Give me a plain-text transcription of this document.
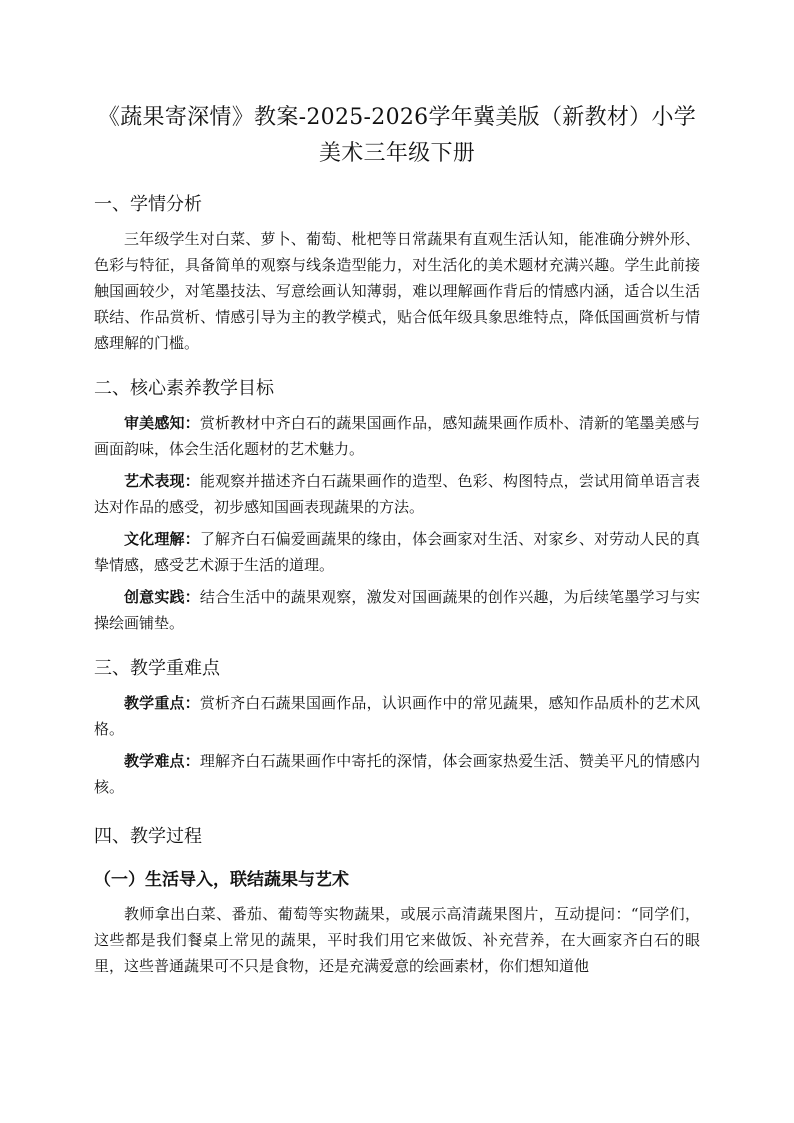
《蔬果寄深情》教案-2025-2026学年冀美版（新教材）小学美术三年级下册
一、学情分析

三年级学生对白菜、萝卜、葡萄、枇杷等日常蔬果有直观生活认知，能准确分辨外形、色彩与特征，具备简单的观察与线条造型能力，对生活化的美术题材充满兴趣。学生此前接触国画较少，对笔墨技法、写意绘画认知薄弱，难以理解画作背后的情感内涵，适合以生活联结、作品赏析、情感引导为主的教学模式，贴合低年级具象思维特点，降低国画赏析与情感理解的门槛。

二、核心素养教学目标

审美感知：赏析教材中齐白石的蔬果国画作品，感知蔬果画作质朴、清新的笔墨美感与画面韵味，体会生活化题材的艺术魅力。

艺术表现：能观察并描述齐白石蔬果画作的造型、色彩、构图特点，尝试用简单语言表达对作品的感受，初步感知国画表现蔬果的方法。

文化理解：了解齐白石偏爱画蔬果的缘由，体会画家对生活、对家乡、对劳动人民的真挚情感，感受艺术源于生活的道理。

创意实践：结合生活中的蔬果观察，激发对国画蔬果的创作兴趣，为后续笔墨学习与实操绘画铺垫。

三、教学重难点

教学重点：赏析齐白石蔬果国画作品，认识画作中的常见蔬果，感知作品质朴的艺术风格。

教学难点：理解齐白石蔬果画作中寄托的深情，体会画家热爱生活、赞美平凡的情感内核。

四、教学过程
（一）生活导入，联结蔬果与艺术

教师拿出白菜、番茄、葡萄等实物蔬果，或展示高清蔬果图片，互动提问：“同学们，这些都是我们餐桌上常见的蔬果，平时我们用它来做饭、补充营养，在大画家齐白石的眼里，这些普通蔬果可不只是食物，还是充满爱意的绘画素材，你们想知道他
